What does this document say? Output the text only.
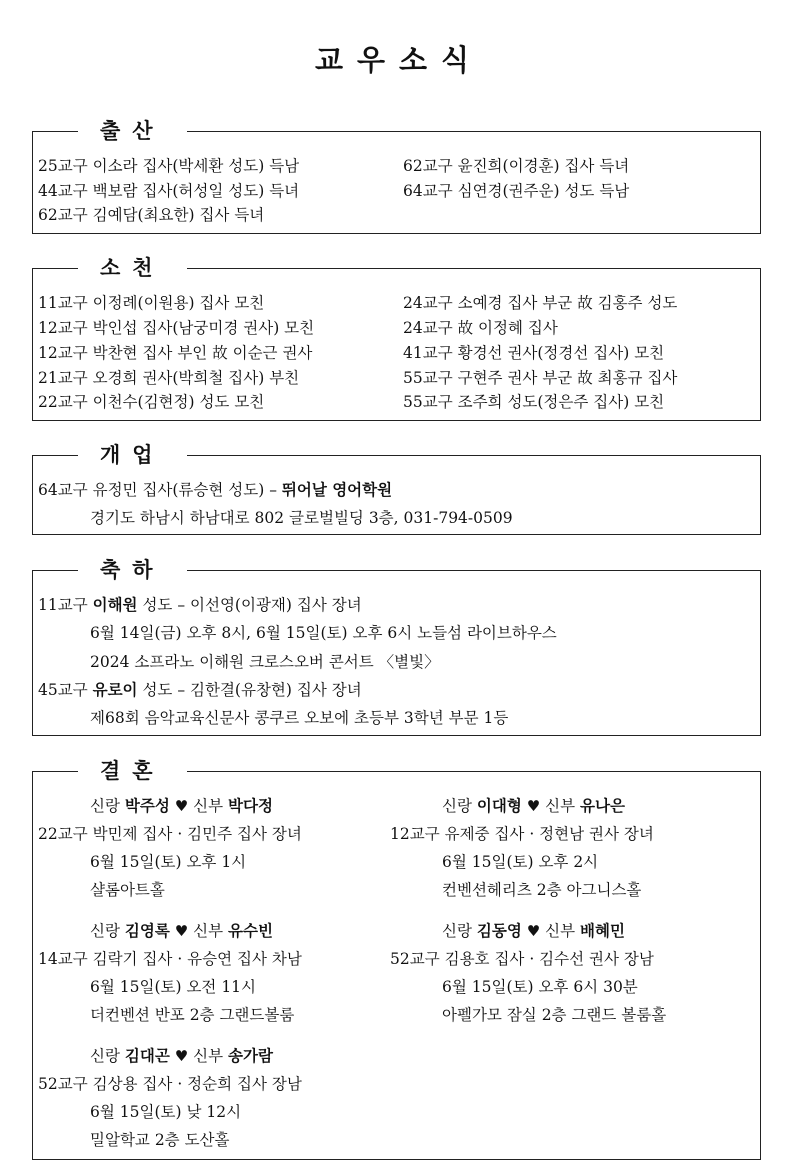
교우소식
출산
25교구 이소라 집사(박세환 성도) 득남
44교구 백보람 집사(허성일 성도) 득녀
62교구 김예담(최요한) 집사 득녀
62교구 윤진희(이경훈) 집사 득녀
64교구 심연경(권주운) 성도 득남
소천
11교구 이정례(이원용) 집사 모친
12교구 박인섭 집사(남궁미경 권사) 모친
12교구 박찬현 집사 부인 故 이순근 권사
21교구 오경희 권사(박희철 집사) 부친
22교구 이천수(김현정) 성도 모친
24교구 소예경 집사 부군 故 김홍주 성도
24교구 故 이정혜 집사
41교구 황경선 권사(정경선 집사) 모친
55교구 구현주 권사 부군 故 최홍규 집사
55교구 조주희 성도(정은주 집사) 모친
개업
64교구 유정민 집사(류승현 성도) – 뛰어날 영어학원
경기도 하남시 하남대로 802 글로벌빌딩 3층, 031-794-0509
축하
11교구 이해원 성도 – 이선영(이광재) 집사 장녀
6월 14일(금) 오후 8시, 6월 15일(토) 오후 6시 노들섬 라이브하우스
2024 소프라노 이해원 크로스오버 콘서트 〈별빛〉
45교구 유로이 성도 – 김한결(유창현) 집사 장녀
제68회 음악교육신문사 콩쿠르 오보에 초등부 3학년 부문 1등
결혼
신랑 박주성 ♥ 신부 박다정
22교구 박민제 집사 · 김민주 집사 장녀
6월 15일(토) 오후 1시
샬롬아트홀
신랑 이대형 ♥ 신부 유나은
12교구 유제중 집사 · 정현남 권사 장녀
6월 15일(토) 오후 2시
컨벤션헤리츠 2층 아그니스홀
신랑 김영록 ♥ 신부 유수빈
14교구 김락기 집사 · 유승연 집사 차남
6월 15일(토) 오전 11시
더컨벤션 반포 2층 그랜드볼룸
신랑 김동영 ♥ 신부 배혜민
52교구 김용호 집사 · 김수선 권사 장남
6월 15일(토) 오후 6시 30분
아펠가모 잠실 2층 그랜드 볼룸홀
신랑 김대곤 ♥ 신부 송가람
52교구 김상용 집사 · 정순희 집사 장남
6월 15일(토) 낮 12시
밀알학교 2층 도산홀
